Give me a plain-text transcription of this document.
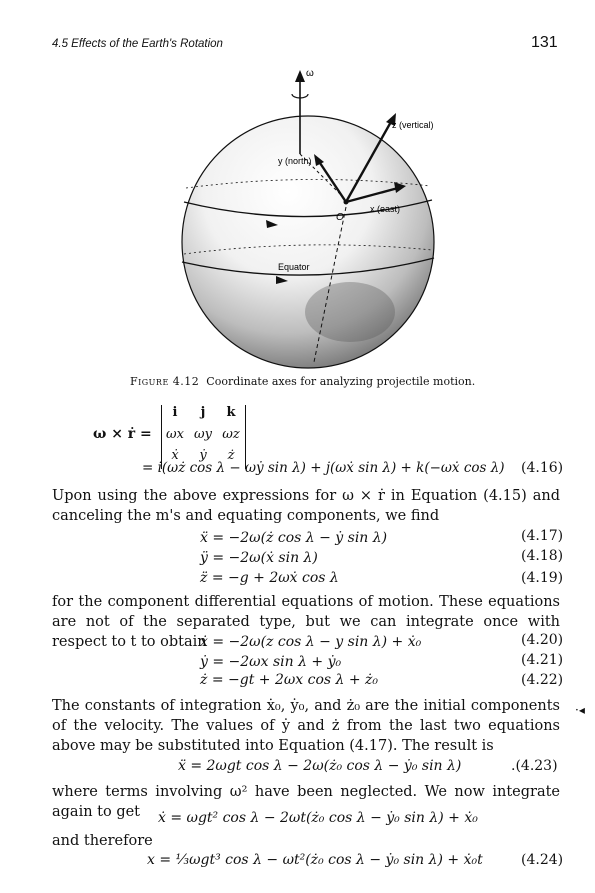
4.5 Effects of the Earth's Rotation	131
ω
z (vertical)
y (north)
x (east)
O
Equator
Figure 4.12 Coordinate axes for analyzing projectile motion.
ω × ṙ =
i	j	k
ωx ωy ωz
ẋ	ẏ	ż
= i(ωż cos λ − ωẏ sin λ) + j(ωẋ sin λ) + k(−ωẋ cos λ) (4.16)
Upon using the above expressions for ω × ṙ in Equation (4.15) and canceling the m's and equating components, we find
ẍ = −2ω(ż cos λ − ẏ sin λ)	(4.17)
ÿ = −2ω(ẋ sin λ)	(4.18)
z̈ = −g + 2ωẋ cos λ	(4.19)
for the component differential equations of motion. These equations are not of the separated type, but we can integrate once with respect to t to obtain
ẋ = −2ω(z cos λ − y sin λ) + ẋ₀	(4.20)
ẏ = −2ωx sin λ + ẏ₀	(4.21)
ż = −gt + 2ωx cos λ + ż₀	(4.22)
The constants of integration ẋ₀, ẏ₀, and ż₀ are the initial components of the velocity. The values of ẏ and ż from the last two equations above may be substituted into Equation (4.17). The result is
·◂
ẍ = 2ωgt cos λ − 2ω(ż₀ cos λ − ẏ₀ sin λ)	.(4.23)
where terms involving ω² have been neglected. We now integrate again to get	ẋ = ωgt² cos λ − 2ωt(ż₀ cos λ − ẏ₀ sin λ) + ẋ₀
and therefore
x = ⅓ωgt³ cos λ − ωt²(ż₀ cos λ − ẏ₀ sin λ) + ẋ₀t	(4.24)
